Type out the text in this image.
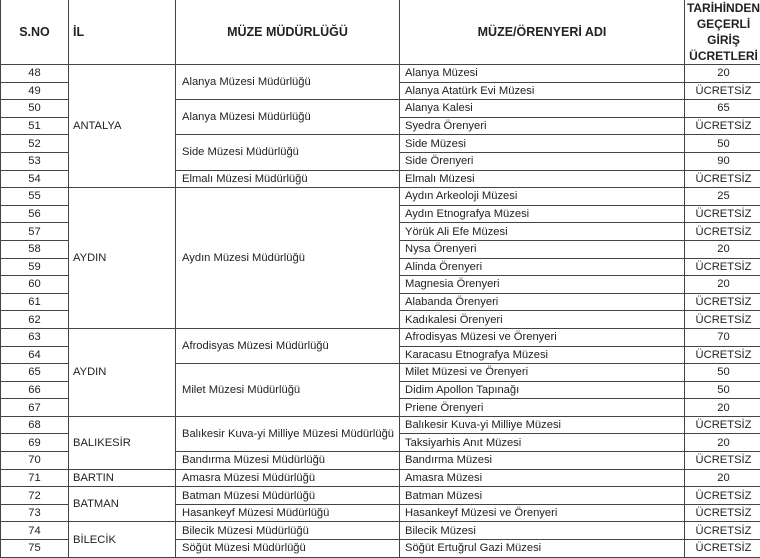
S.NO	İL	MÜZE MÜDÜRLÜĞÜ	MÜZE/ÖRENYERİ ADI	TARİHİNDEN GEÇERLİ GİRİŞ ÜCRETLERİ
48	ANTALYA	Alanya Müzesi Müdürlüğü	Alanya Müzesi	20
49			Alanya Atatürk Evi Müzesi	ÜCRETSİZ
50		Alanya Müzesi Müdürlüğü	Alanya Kalesi	65
51			Syedra Örenyeri	ÜCRETSİZ
52		Side Müzesi Müdürlüğü	Side Müzesi	50
53			Side Örenyeri	90
54		Elmalı Müzesi Müdürlüğü	Elmalı Müzesi	ÜCRETSİZ
55	AYDIN	Aydın Müzesi Müdürlüğü	Aydın Arkeoloji Müzesi	25
56			Aydın Etnografya Müzesi	ÜCRETSİZ
57			Yörük Ali Efe Müzesi	ÜCRETSİZ
58			Nysa Örenyeri	20
59			Alinda Örenyeri	ÜCRETSİZ
60			Magnesia Örenyeri	20
61			Alabanda Örenyeri	ÜCRETSİZ
62			Kadıkalesi Örenyeri	ÜCRETSİZ
63	AYDIN	Afrodisyas Müzesi Müdürlüğü	Afrodisyas Müzesi ve Örenyeri	70
64			Karacasu Etnografya Müzesi	ÜCRETSİZ
65		Milet Müzesi Müdürlüğü	Milet Müzesi ve Örenyeri	50
66			Didim Apollon Tapınağı	50
67			Priene Örenyeri	20
68	BALIKESİR	Balıkesir Kuva-yi Milliye Müzesi Müdürlüğü	Balıkesir Kuva-yi Milliye Müzesi	ÜCRETSİZ
69			Taksiyarhis Anıt Müzesi	20
70		Bandırma Müzesi Müdürlüğü	Bandırma Müzesi	ÜCRETSİZ
71	BARTIN	Amasra Müzesi Müdürlüğü	Amasra Müzesi	20
72	BATMAN	Batman Müzesi Müdürlüğü	Batman Müzesi	ÜCRETSİZ
73		Hasankeyf Müzesi Müdürlüğü	Hasankeyf Müzesi ve Örenyeri	ÜCRETSİZ
74	BİLECİK	Bilecik Müzesi Müdürlüğü	Bilecik Müzesi	ÜCRETSİZ
75		Söğüt Müzesi Müdürlüğü	Söğüt Ertuğrul Gazi Müzesi	ÜCRETSİZ
